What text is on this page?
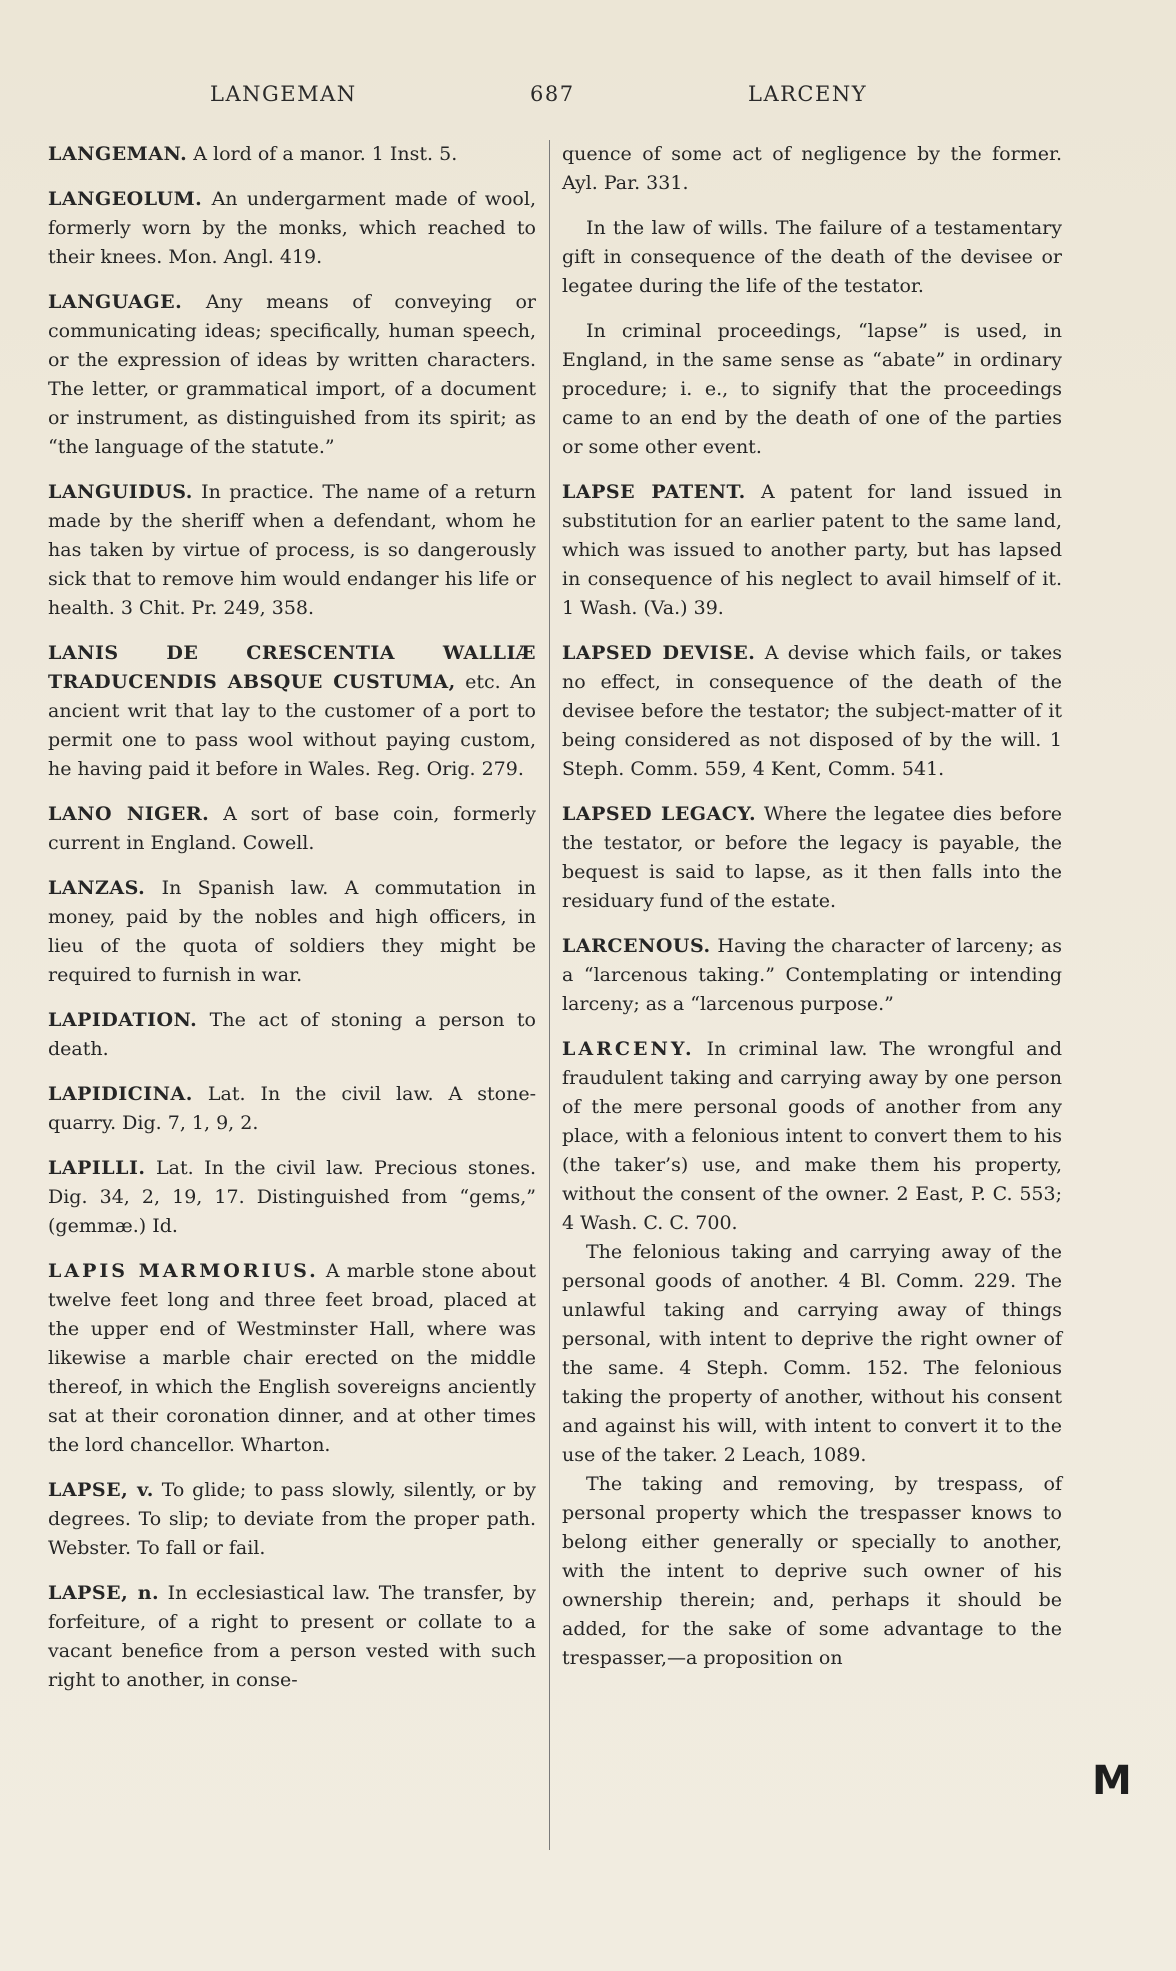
LANGEMAN	687	LARCENY

LANGEMAN. A lord of a manor. 1 Inst. 5.

LANGEOLUM. An undergarment made of wool, formerly worn by the monks, which reached to their knees. Mon. Angl. 419.

LANGUAGE. Any means of conveying or communicating ideas; specifically, human speech, or the expression of ideas by written characters. The letter, or grammatical import, of a document or instrument, as distinguished from its spirit; as “the language of the statute.”

LANGUIDUS. In practice. The name of a return made by the sheriff when a defendant, whom he has taken by virtue of process, is so dangerously sick that to remove him would endanger his life or health. 3 Chit. Pr. 249, 358.

LANIS DE CRESCENTIA WALLIÆ TRADUCENDIS ABSQUE CUSTUMA, etc. An ancient writ that lay to the customer of a port to permit one to pass wool without paying custom, he having paid it before in Wales. Reg. Orig. 279.

LANO NIGER. A sort of base coin, formerly current in England. Cowell.

LANZAS. In Spanish law. A commutation in money, paid by the nobles and high officers, in lieu of the quota of soldiers they might be required to furnish in war.

LAPIDATION. The act of stoning a person to death.

LAPIDICINA. Lat. In the civil law. A stone-quarry. Dig. 7, 1, 9, 2.

LAPILLI. Lat. In the civil law. Precious stones. Dig. 34, 2, 19, 17. Distinguished from “gems,” (gemmæ.) Id.

LAPIS MARMORIUS. A marble stone about twelve feet long and three feet broad, placed at the upper end of Westminster Hall, where was likewise a marble chair erected on the middle thereof, in which the English sovereigns anciently sat at their coronation dinner, and at other times the lord chancellor. Wharton.

LAPSE, v. To glide; to pass slowly, silently, or by degrees. To slip; to deviate from the proper path. Webster. To fall or fail.

LAPSE, n. In ecclesiastical law. The transfer, by forfeiture, of a right to present or collate to a vacant benefice from a person vested with such right to another, in conse-

quence of some act of negligence by the former. Ayl. Par. 331.

In the law of wills. The failure of a testamentary gift in consequence of the death of the devisee or legatee during the life of the testator.

In criminal proceedings, “lapse” is used, in England, in the same sense as “abate” in ordinary procedure; i. e., to signify that the proceedings came to an end by the death of one of the parties or some other event.

LAPSE PATENT. A patent for land issued in substitution for an earlier patent to the same land, which was issued to another party, but has lapsed in consequence of his neglect to avail himself of it. 1 Wash. (Va.) 39.

LAPSED DEVISE. A devise which fails, or takes no effect, in consequence of the death of the devisee before the testator; the subject-matter of it being considered as not disposed of by the will. 1 Steph. Comm. 559, 4 Kent, Comm. 541.

LAPSED LEGACY. Where the legatee dies before the testator, or before the legacy is payable, the bequest is said to lapse, as it then falls into the residuary fund of the estate.

LARCENOUS. Having the character of larceny; as a “larcenous taking.” Contemplating or intending larceny; as a “larcenous purpose.”

LARCENY. In criminal law. The wrongful and fraudulent taking and carrying away by one person of the mere personal goods of another from any place, with a felonious intent to convert them to his (the taker’s) use, and make them his property, without the consent of the owner. 2 East, P. C. 553; 4 Wash. C. C. 700.

The felonious taking and carrying away of the personal goods of another. 4 Bl. Comm. 229. The unlawful taking and carrying away of things personal, with intent to deprive the right owner of the same. 4 Steph. Comm. 152. The felonious taking the property of another, without his consent and against his will, with intent to convert it to the use of the taker. 2 Leach, 1089.

The taking and removing, by trespass, of personal property which the trespasser knows to belong either generally or specially to another, with the intent to deprive such owner of his ownership therein; and, perhaps it should be added, for the sake of some advantage to the trespasser,—a proposition on

M
